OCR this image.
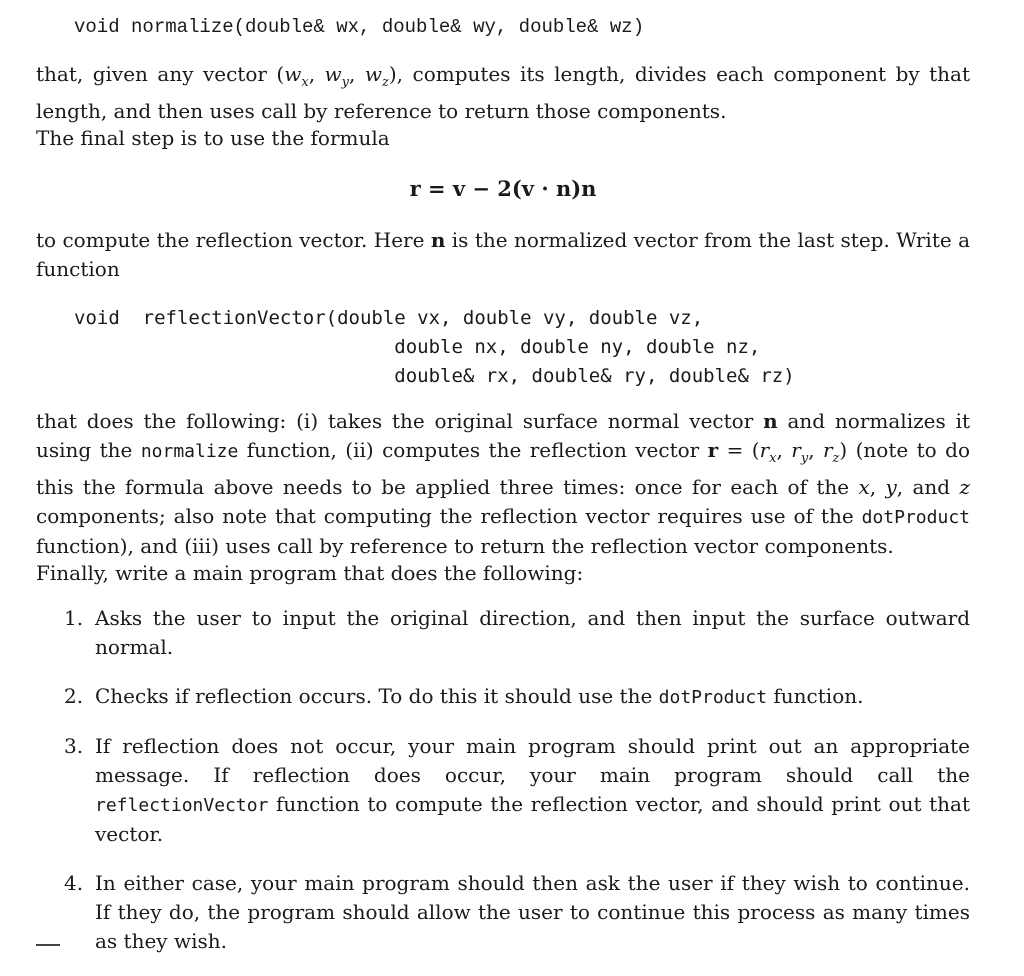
void normalize(double& wx, double& wy, double& wz)

that, given any vector ($w_x$, $w_y$, $w_z$), computes its length, divides each component by that length, and then uses call by reference to return those components.

The final step is to use the formula

r = v − 2(v · n)n

to compute the reflection vector. Here n is the normalized vector from the last step. Write a function

void  reflectionVector(double vx, double vy, double vz,
double nx, double ny, double nz,
double& rx, double& ry, double& rz)

that does the following: (i) takes the original surface normal vector n and normalizes it using the normalize function, (ii) computes the reflection vector $r = (r_x$, $r_y$, $r_z$) (note to do this the formula above needs to be applied three times: once for each of the x, y, and z components; also note that computing the reflection vector requires use of the dotProduct function), and (iii) uses call by reference to return the reflection vector components.

Finally, write a main program that does the following:

1. Asks the user to input the original direction, and then input the surface outward normal.
2. Checks if reflection occurs. To do this it should use the dotProduct function.
3. If reflection does not occur, your main program should print out an appropriate message. If reflection does occur, your main program should call the reflectionVector function to compute the reflection vector, and should print out that vector.
4. In either case, your main program should then ask the user if they wish to continue. If they do, the program should allow the user to continue this process as many times as they wish.
